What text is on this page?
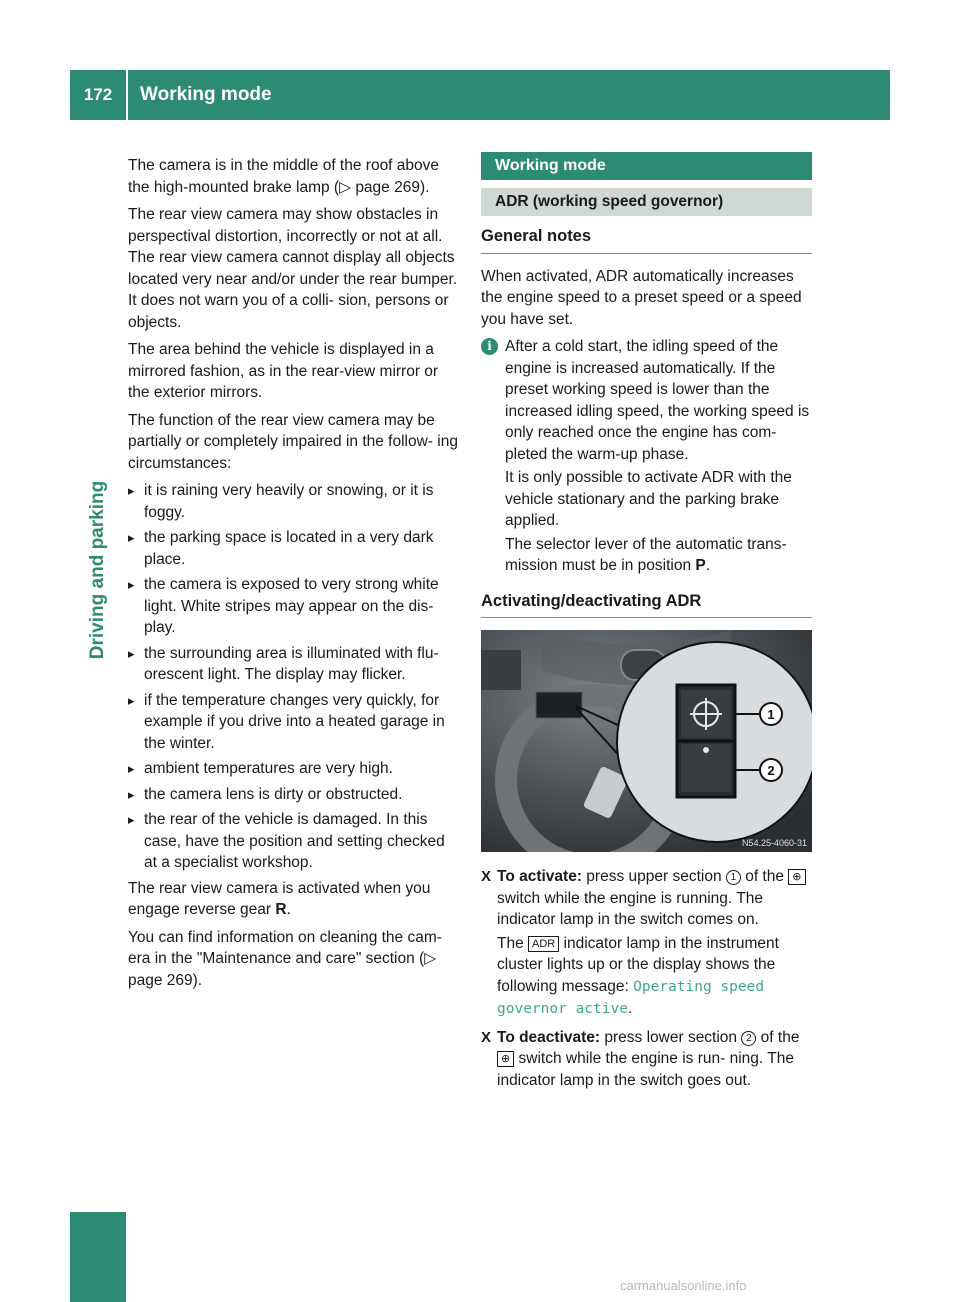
172	Working mode
Driving and parking

The camera is in the middle of the roof above the high-mounted brake lamp (▷ page 269).

The rear view camera may show obstacles in perspectival distortion, incorrectly or not at all. The rear view camera cannot display all objects located very near and/or under the rear bumper. It does not warn you of a colli- sion, persons or objects.

The area behind the vehicle is displayed in a mirrored fashion, as in the rear-view mirror or the exterior mirrors.

The function of the rear view camera may be partially or completely impaired in the follow- ing circumstances:

▸ it is raining very heavily or snowing, or it is foggy.
▸ the parking space is located in a very dark place.
▸ the camera is exposed to very strong white light. White stripes may appear on the dis- play.
▸ the surrounding area is illuminated with flu- orescent light. The display may flicker.
▸ if the temperature changes very quickly, for example if you drive into a heated garage in the winter.
▸ ambient temperatures are very high.
▸ the camera lens is dirty or obstructed.
▸ the rear of the vehicle is damaged. In this case, have the position and setting checked at a specialist workshop.

The rear view camera is activated when you engage reverse gear R.

You can find information on cleaning the cam- era in the "Maintenance and care" section (▷ page 269).

Working mode
ADR (working speed governor)
General notes

When activated, ADR automatically increases the engine speed to a preset speed or a speed you have set.

i After a cold start, the idling speed of the engine is increased automatically. If the preset working speed is lower than the increased idling speed, the working speed is only reached once the engine has com- pleted the warm-up phase.

It is only possible to activate ADR with the vehicle stationary and the parking brake applied.

The selector lever of the automatic trans- mission must be in position P.

Activating/deactivating ADR
1
2
N54.25-4060-31
X To activate: press upper section 1 of the ⊕ switch while the engine is running. The indicator lamp in the switch comes on.

The ADR indicator lamp in the instrument cluster lights up or the display shows the following message: Operating speed governor active.

X To deactivate: press lower section 2 of the ⊕ switch while the engine is run- ning. The indicator lamp in the switch goes out.

carmanualsonline.info
